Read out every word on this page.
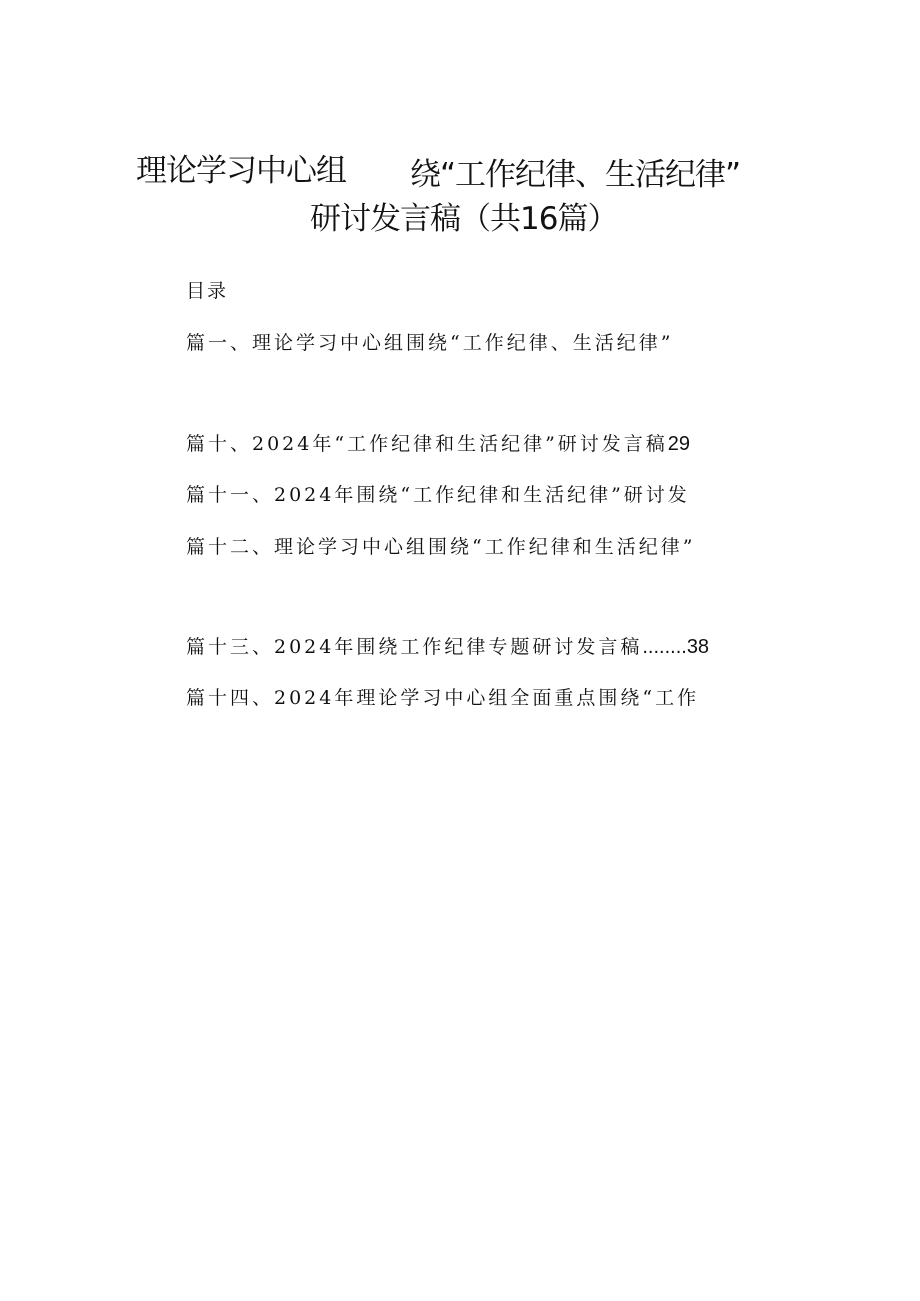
理论学习中心组 绕“工作纪律、生活纪律”
研讨发言稿（共16篇）
目录
篇一、理论学习中心组围绕“工作纪律、生活纪律”
篇十、2024年“工作纪律和生活纪律”研讨发言稿29
篇十一、2024年围绕“工作纪律和生活纪律”研讨发
篇十二、理论学习中心组围绕“工作纪律和生活纪律”
篇十三、2024年围绕工作纪律专题研讨发言稿........38
篇十四、2024年理论学习中心组全面重点围绕“工作
